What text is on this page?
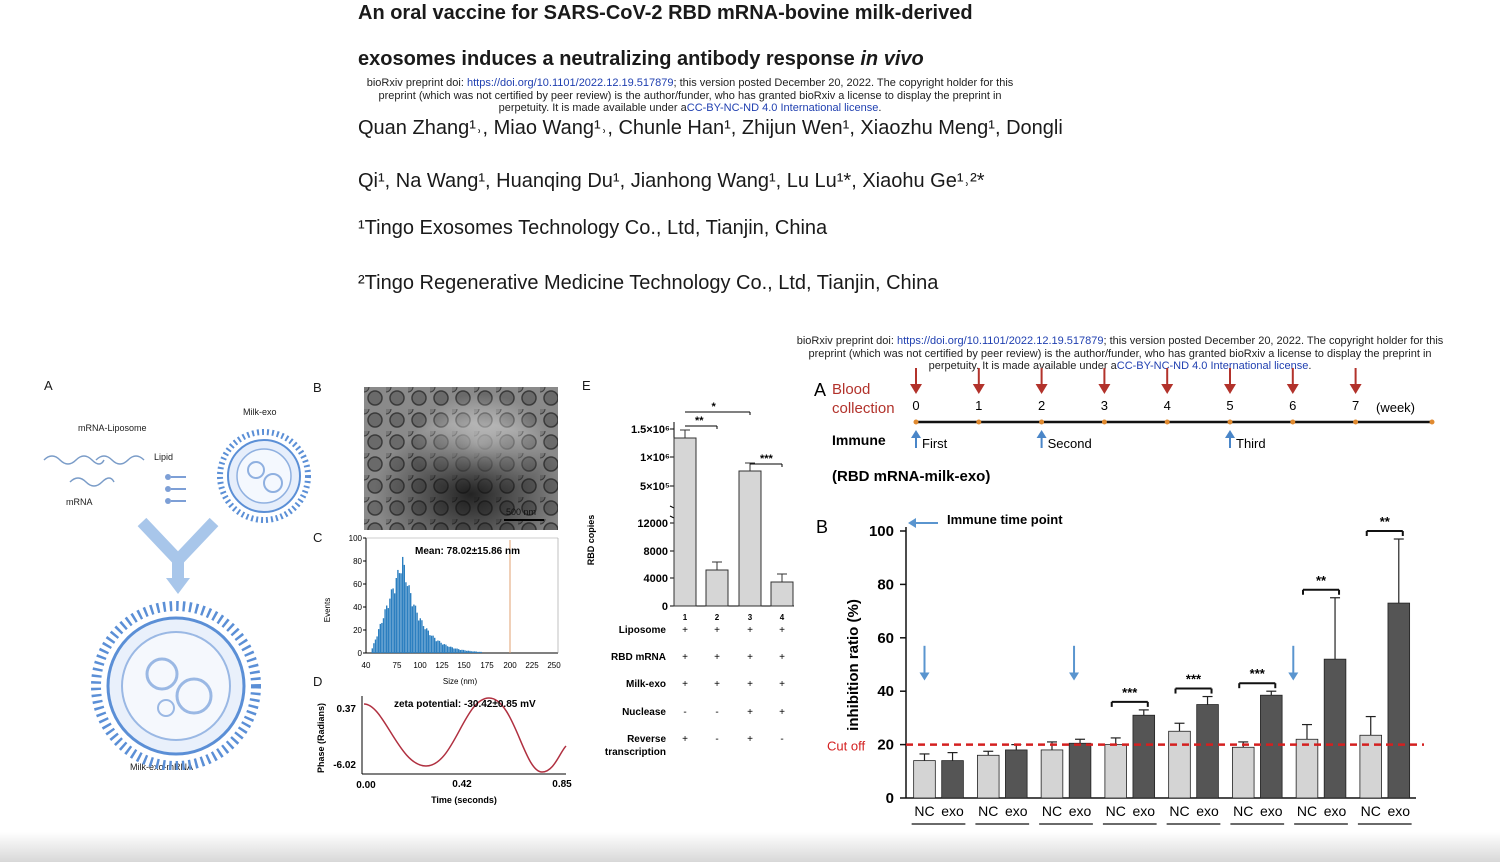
An oral vaccine for SARS-CoV-2 RBD mRNA-bovine milk-derived
exosomes induces a neutralizing antibody response in vivo
bioRxiv preprint doi: https://doi.org/10.1101/2022.12.19.517879; this version posted December 20, 2022. The copyright holder for this
preprint (which was not certified by peer review) is the author/funder, who has granted bioRxiv a license to display the preprint in
perpetuity. It is made available under aCC-BY-NC-ND 4.0 International license.
Quan Zhang¹˒, Miao Wang¹˒, Chunle Han¹, Zhijun Wen¹, Xiaozhu Meng¹, Dongli
Qi¹, Na Wang¹, Huanqing Du¹, Jianhong Wang¹, Lu Lu¹*, Xiaohu Ge¹˒²*
¹Tingo Exosomes Technology Co., Ltd, Tianjin, China
²Tingo Regenerative Medicine Technology Co., Ltd, Tianjin, China
A
mRNA-Liposome
Lipid
mRNA
Milk-exo
Milk-exo-mRNA
B
500 nm
C
Events
0
20
40
60
80
100
40	75 100 125 150 175 200 225 250
Mean: 78.02±15.86 nm
Size (nm)
D
Phase (Radians) 0.37
-6.02
zeta potential: -30.42±0.85 mV
0.00	0.42	0.85
Time (seconds)
E
RBD copies
1.5×10⁶
1×10⁶
5×10⁵
12000
8000
4000
0
*
**
***
1	2	3	4
Liposome +	+	+	+
RBD mRNA +	+	+	+
Milk-exo +	+	+	+
Nuclease -	-	+	+
Reverse
transcription
+	-	+	-
bioRxiv preprint doi: https://doi.org/10.1101/2022.12.19.517879; this version posted December 20, 2022. The copyright holder for this
preprint (which was not certified by peer review) is the author/funder, who has granted bioRxiv a license to display the preprint in
perpetuity. It is made available under aCC-BY-NC-ND 4.0 International license.
A Blood
collection 0	1	2	3	4	5	6	7 (week)
Immune	First	Second	Third
(RBD mRNA-milk-exo)
B
inhibition ratio (%)
0
20
40
60
80
100
***
***	***
**
**
Cut off
NC exo NC exo NC exo NC exo NC exo NC exo NC exo NC exo
Immune time point
